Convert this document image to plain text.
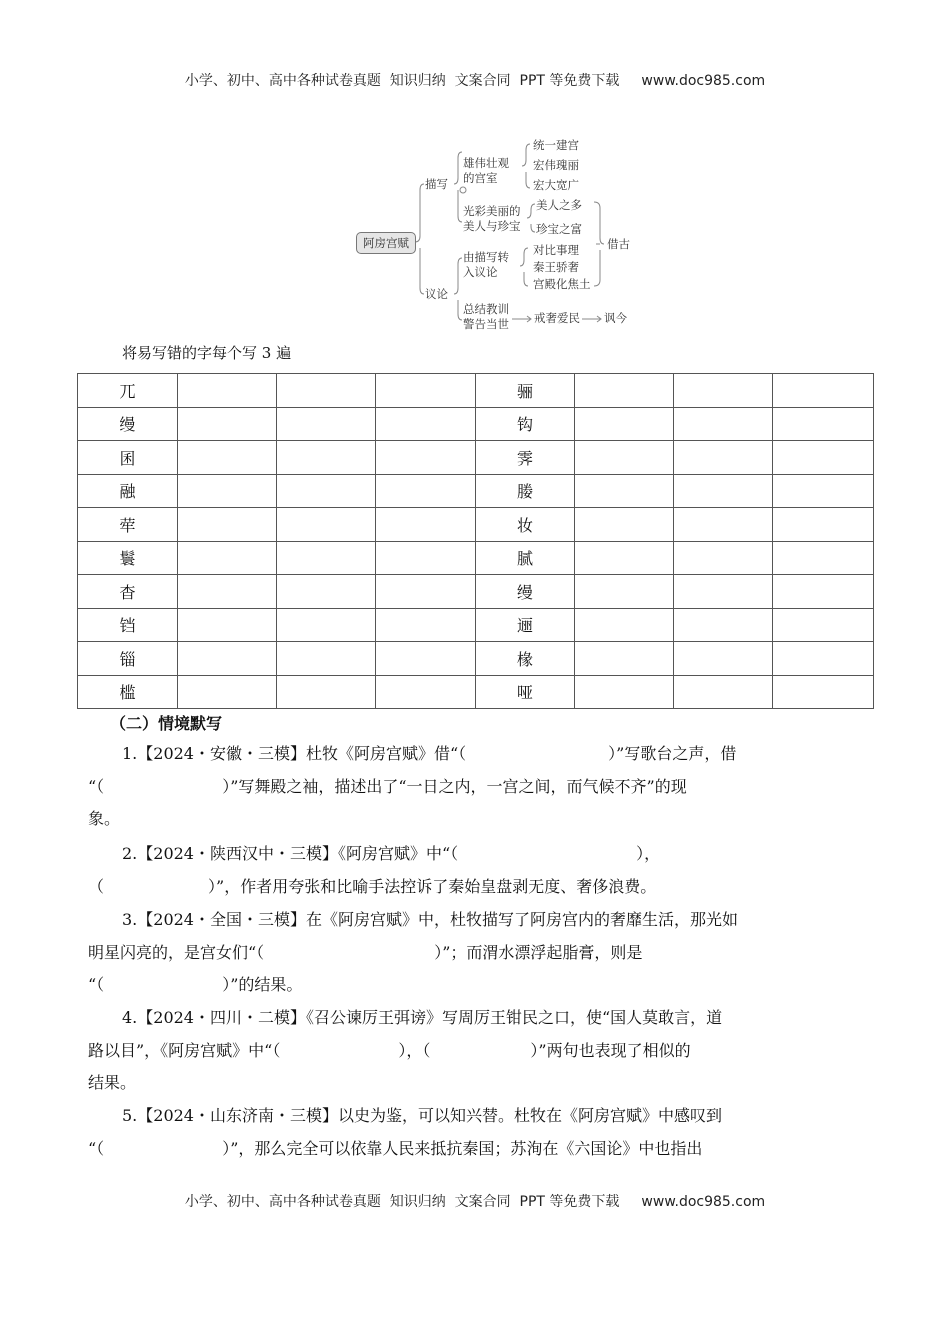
小学、初中、高中各种试卷真题  知识归纳  文案合同  PPT 等免费下载 www.doc985.com
阿房宫赋
描写
议论
雄伟壮观
的宫室
光彩美丽的
美人与珍宝
由描写转
入议论
总结教训
警告当世
统一建宫
宏伟瑰丽
宏大宽广
美人之多
珍宝之富
对比事理
秦王骄奢
宫殿化焦土
借古
戒奢爱民 讽今
将易写错的字每个写 3 遍
兀				骊			
缦				钩			
囷				霁			
融				媵			
荦				妆			
鬟				腻			
杳				缦			
铛				逦			
锱				椽			
槛				哑			
（二）情境默写
1.【2024・安徽・三模】杜牧《阿房宫赋》借“（	）”写歌台之声，借
“（	）”写舞殿之袖，描述出了“一日之内，一宫之间，而气候不齐”的现
象。
2.【2024・陕西汉中・三模】《阿房宫赋》中“（	），
（	）”，作者用夸张和比喻手法控诉了秦始皇盘剥无度、奢侈浪费。
3.【2024・全国・三模】在《阿房宫赋》中，杜牧描写了阿房宫内的奢靡生活，那光如
明星闪亮的，是宫女们“（	）”；而渭水漂浮起脂膏，则是
“（	）”的结果。
4.【2024・四川・二模】《召公谏厉王弭谤》写周厉王钳民之口，使“国人莫敢言，道
路以目”，《阿房宫赋》中“（	），（	）”两句也表现了相似的
结果。
5.【2024・山东济南・三模】以史为鉴，可以知兴替。杜牧在《阿房宫赋》中感叹到
“（	）”，那么完全可以依靠人民来抵抗秦国；苏洵在《六国论》中也指出
小学、初中、高中各种试卷真题  知识归纳  文案合同  PPT 等免费下载 www.doc985.com
